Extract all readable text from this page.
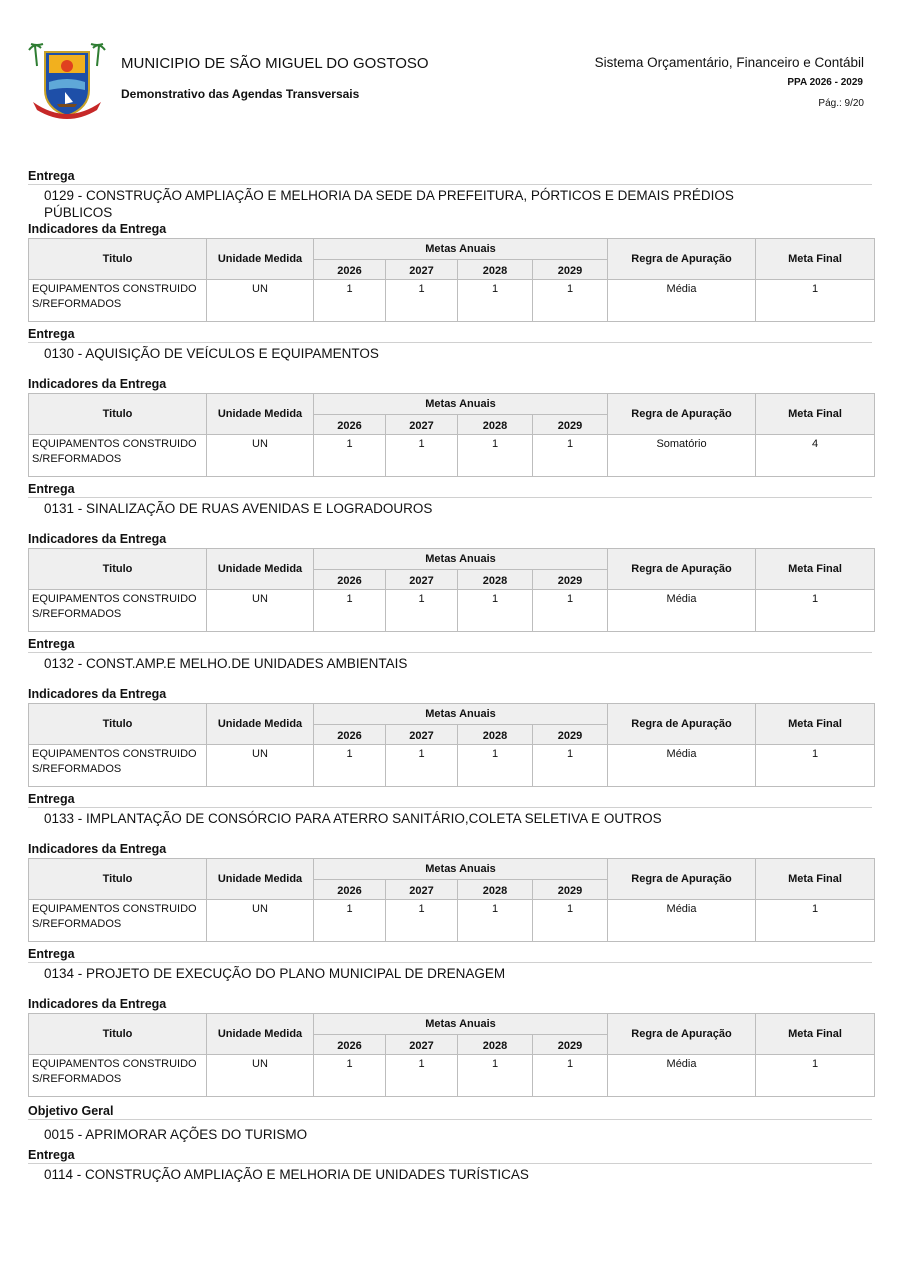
MUNICIPIO DE SÃO MIGUEL DO GOSTOSO
Demonstrativo das Agendas Transversais
Sistema Orçamentário, Financeiro e Contábil
PPA 2026 - 2029
Pág.: 9/20
Entrega
0129 - CONSTRUÇÃO AMPLIAÇÃO E MELHORIA DA SEDE DA PREFEITURA, PÓRTICOS E DEMAIS PRÉDIOS
PÚBLICOS
Indicadores da Entrega
Titulo	Unidade Medida	Metas Anuais				Regra de Apuração	Meta Final
		2026	2027	2028	2029		
EQUIPAMENTOS CONSTRUIDOS/REFORMADOS	UN	1	1	1	1	Média	1
Entrega
0130 - AQUISIÇÃO DE VEÍCULOS E EQUIPAMENTOS
Indicadores da Entrega
Titulo	Unidade Medida	Metas Anuais				Regra de Apuração	Meta Final
		2026	2027	2028	2029		
EQUIPAMENTOS CONSTRUIDOS/REFORMADOS	UN	1	1	1	1	Somatório	4
Entrega
0131 - SINALIZAÇÃO DE RUAS AVENIDAS E LOGRADOUROS
Indicadores da Entrega
Titulo	Unidade Medida	Metas Anuais				Regra de Apuração	Meta Final
		2026	2027	2028	2029		
EQUIPAMENTOS CONSTRUIDOS/REFORMADOS	UN	1	1	1	1	Média	1
Entrega
0132 - CONST.AMP.E MELHO.DE UNIDADES AMBIENTAIS
Indicadores da Entrega
Titulo	Unidade Medida	Metas Anuais				Regra de Apuração	Meta Final
		2026	2027	2028	2029		
EQUIPAMENTOS CONSTRUIDOS/REFORMADOS	UN	1	1	1	1	Média	1
Entrega
0133 - IMPLANTAÇÃO DE CONSÓRCIO PARA ATERRO SANITÁRIO,COLETA SELETIVA E OUTROS
Indicadores da Entrega
Titulo	Unidade Medida	Metas Anuais				Regra de Apuração	Meta Final
		2026	2027	2028	2029		
EQUIPAMENTOS CONSTRUIDOS/REFORMADOS	UN	1	1	1	1	Média	1
Entrega
0134 - PROJETO DE EXECUÇÃO DO PLANO MUNICIPAL DE DRENAGEM
Indicadores da Entrega
Titulo	Unidade Medida	Metas Anuais				Regra de Apuração	Meta Final
		2026	2027	2028	2029		
EQUIPAMENTOS CONSTRUIDOS/REFORMADOS	UN	1	1	1	1	Média	1
Objetivo Geral
0015 - APRIMORAR AÇÕES DO TURISMO
Entrega
0114 - CONSTRUÇÃO AMPLIAÇÃO E MELHORIA DE UNIDADES TURÍSTICAS
